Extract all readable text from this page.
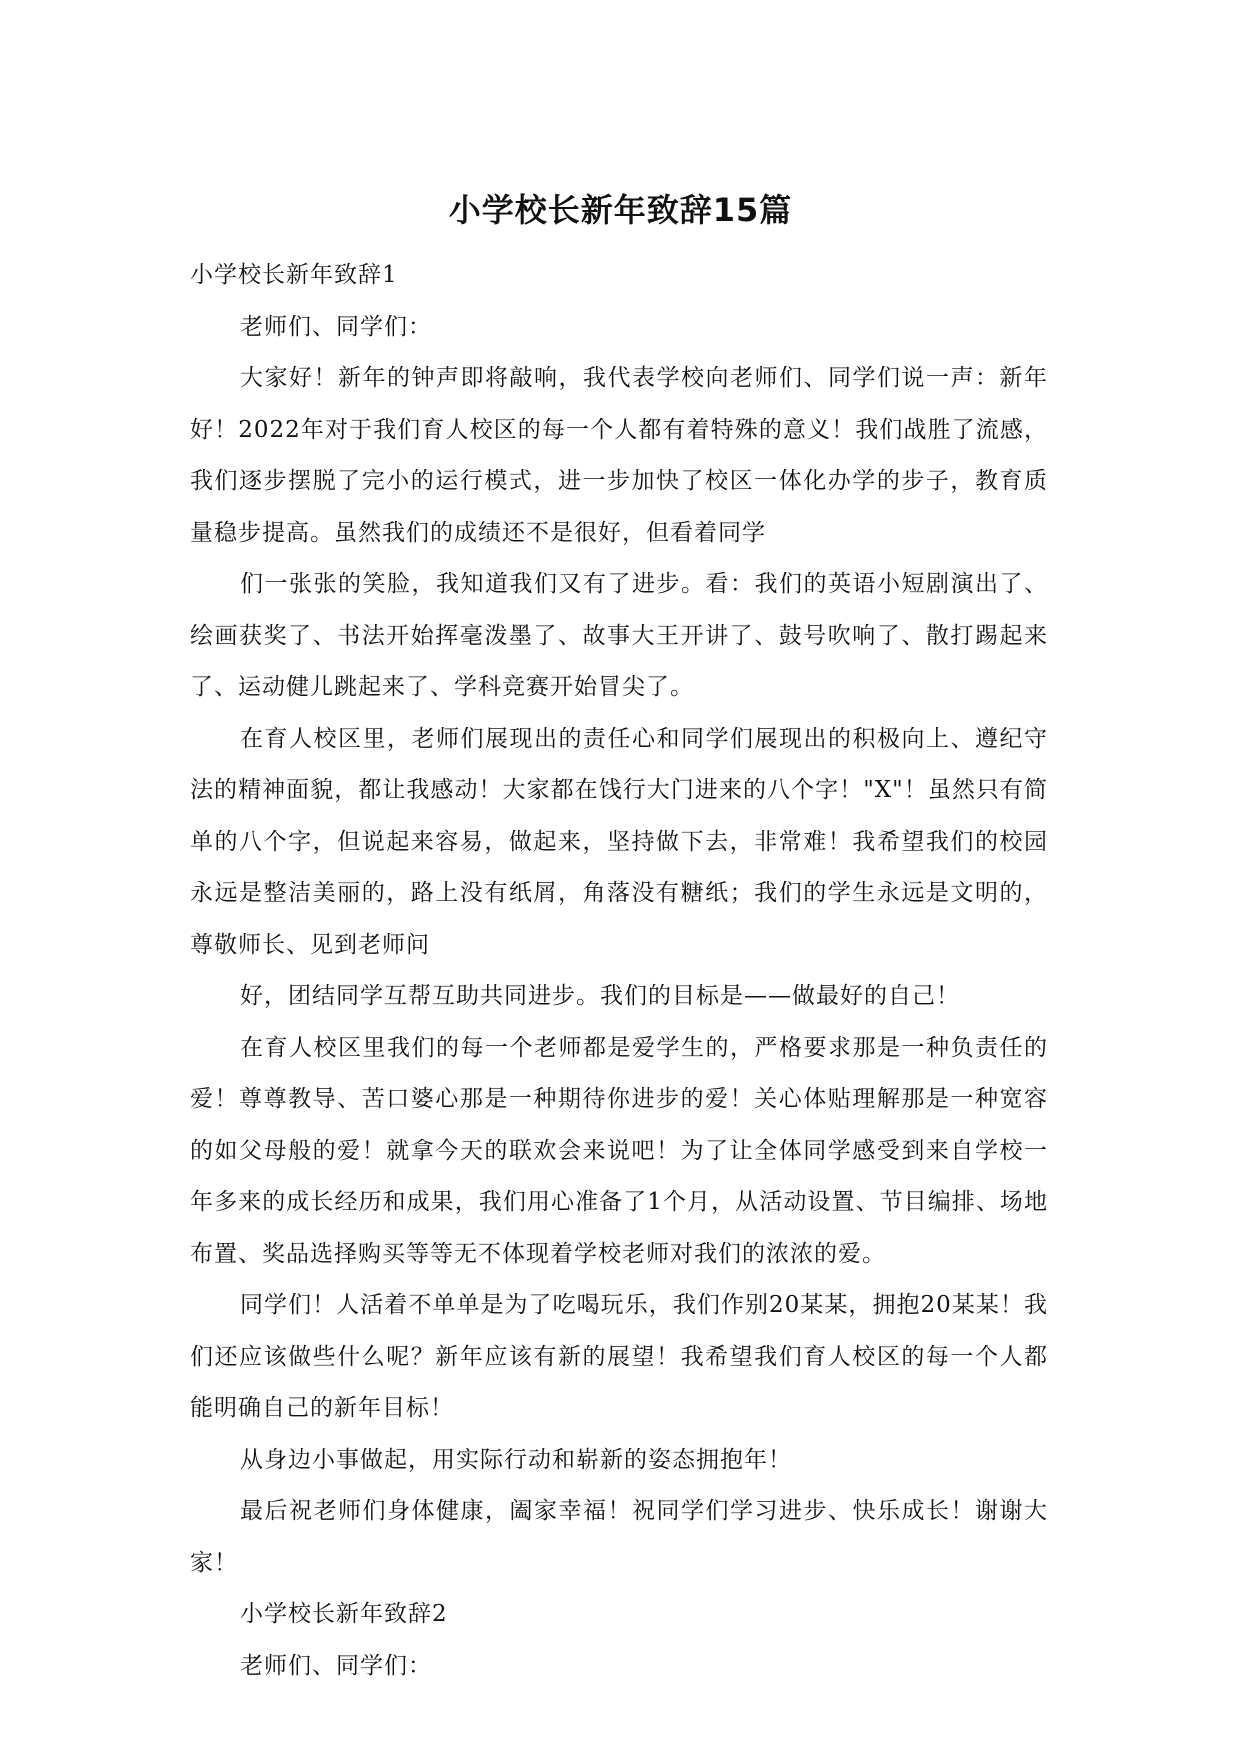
小学校长新年致辞15篇

小学校长新年致辞1

老师们、同学们：

大家好！新年的钟声即将敲响，我代表学校向老师们、同学们说一声：新年好！2022年对于我们育人校区的每一个人都有着特殊的意义！我们战胜了流感，我们逐步摆脱了完小的运行模式，进一步加快了校区一体化办学的步子，教育质量稳步提高。虽然我们的成绩还不是很好，但看着同学

们一张张的笑脸，我知道我们又有了进步。看：我们的英语小短剧演出了、绘画获奖了、书法开始挥毫泼墨了、故事大王开讲了、鼓号吹响了、散打踢起来了、运动健儿跳起来了、学科竞赛开始冒尖了。

在育人校区里，老师们展现出的责任心和同学们展现出的积极向上、遵纪守法的精神面貌，都让我感动！大家都在饯行大门进来的八个字！"X"！虽然只有简单的八个字，但说起来容易，做起来，坚持做下去，非常难！我希望我们的校园永远是整洁美丽的，路上没有纸屑，角落没有糖纸；我们的学生永远是文明的，尊敬师长、见到老师问

好，团结同学互帮互助共同进步。我们的目标是——做最好的自己！

在育人校区里我们的每一个老师都是爱学生的，严格要求那是一种负责任的爱！尊尊教导、苦口婆心那是一种期待你进步的爱！关心体贴理解那是一种宽容的如父母般的爱！就拿今天的联欢会来说吧！为了让全体同学感受到来自学校一年多来的成长经历和成果，我们用心准备了1个月，从活动设置、节目编排、场地布置、奖品选择购买等等无不体现着学校老师对我们的浓浓的爱。

同学们！人活着不单单是为了吃喝玩乐，我们作别20某某，拥抱20某某！我们还应该做些什么呢？新年应该有新的展望！我希望我们育人校区的每一个人都能明确自己的新年目标！

从身边小事做起，用实际行动和崭新的姿态拥抱年！

最后祝老师们身体健康，阖家幸福！祝同学们学习进步、快乐成长！谢谢大家！

小学校长新年致辞2

老师们、同学们：
